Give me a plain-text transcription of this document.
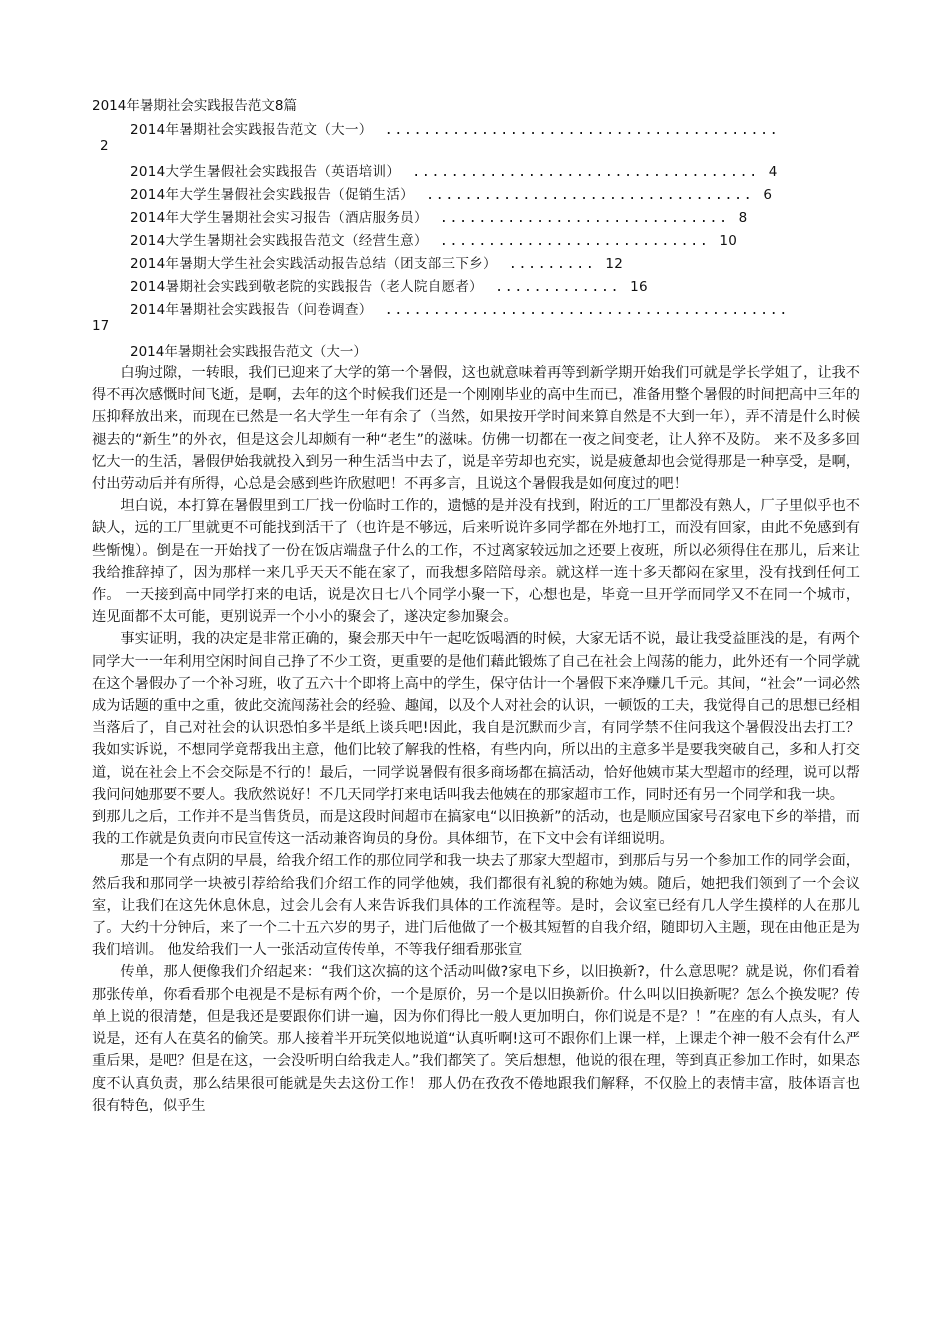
2014年暑期社会实践报告范文8篇
2014年暑期社会实践报告范文（大一） .........................................
2
2014大学生暑假社会实践报告（英语培训） .................................... 4
2014年大学生暑假社会实践报告（促销生活） .................................. 6
2014年大学生暑期社会实习报告（酒店服务员） .............................. 8
2014大学生暑期社会实践报告范文（经营生意） ............................ 10
2014年暑期大学生社会实践活动报告总结（团支部三下乡） ......... 12
2014暑期社会实践到敬老院的实践报告（老人院自愿者） ............. 16
2014年暑期社会实践报告（问卷调查） ..........................................
17
2014年暑期社会实践报告范文（大一）

白驹过隙，一转眼，我们已迎来了大学的第一个暑假，这也就意味着再等到新学期开始我们可就是学长学姐了，让我不得不再次感慨时间飞逝，是啊，去年的这个时候我们还是一个刚刚毕业的高中生而已，准备用整个暑假的时间把高中三年的压抑释放出来，而现在已然是一名大学生一年有余了（当然，如果按开学时间来算自然是不大到一年），弄不清是什么时候褪去的“新生”的外衣，但是这会儿却颇有一种“老生”的滋味。仿佛一切都在一夜之间变老，让人猝不及防。 来不及多多回忆大一的生活，暑假伊始我就投入到另一种生活当中去了，说是辛劳却也充实，说是疲惫却也会觉得那是一种享受，是啊，付出劳动后并有所得，心总是会感到些许欣慰吧！不再多言，且说这个暑假我是如何度过的吧！

坦白说，本打算在暑假里到工厂找一份临时工作的，遗憾的是并没有找到，附近的工厂里都没有熟人，厂子里似乎也不缺人，远的工厂里就更不可能找到活干了（也许是不够远，后来听说许多同学都在外地打工，而没有回家，由此不免感到有些惭愧）。倒是在一开始找了一份在饭店端盘子什么的工作，不过离家较远加之还要上夜班，所以必须得住在那儿，后来让我给推辞掉了，因为那样一来几乎天天不能在家了，而我想多陪陪母亲。就这样一连十多天都闷在家里，没有找到任何工作。 一天接到高中同学打来的电话，说是次日七八个同学小聚一下，心想也是，毕竟一旦开学而同学又不在同一个城市，连见面都不太可能，更别说弄一个小小的聚会了，遂决定参加聚会。

事实证明，我的决定是非常正确的，聚会那天中午一起吃饭喝酒的时候，大家无话不说，最让我受益匪浅的是，有两个同学大一一年利用空闲时间自己挣了不少工资，更重要的是他们藉此锻炼了自己在社会上闯荡的能力，此外还有一个同学就在这个暑假办了一个补习班，收了五六十个即将上高中的学生，保守估计一个暑假下来净赚几千元。其间，“社会”一词必然成为话题的重中之重，彼此交流闯荡社会的经验、趣闻，以及个人对社会的认识，一顿饭的工夫，我觉得自己的思想已经相当落后了，自己对社会的认识恐怕多半是纸上谈兵吧!因此，我自是沉默而少言，有同学禁不住问我这个暑假没出去打工？我如实诉说，不想同学竟帮我出主意，他们比较了解我的性格，有些内向，所以出的主意多半是要我突破自己，多和人打交道，说在社会上不会交际是不行的！最后，一同学说暑假有很多商场都在搞活动，恰好他姨市某大型超市的经理，说可以帮我问问她那要不要人。我欣然说好！不几天同学打来电话叫我去他姨在的那家超市工作，同时还有另一个同学和我一块。

到那儿之后，工作并不是当售货员，而是这段时间超市在搞家电“以旧换新”的活动，也是顺应国家号召家电下乡的举措，而我的工作就是负责向市民宣传这一活动兼咨询员的身份。具体细节，在下文中会有详细说明。

那是一个有点阴的早晨，给我介绍工作的那位同学和我一块去了那家大型超市，到那后与另一个参加工作的同学会面，然后我和那同学一块被引荐给给我们介绍工作的同学他姨，我们都很有礼貌的称她为姨。随后，她把我们领到了一个会议室，让我们在这先休息休息，过会儿会有人来告诉我们具体的工作流程等。是时，会议室已经有几人学生摸样的人在那儿了。大约十分钟后，来了一个二十五六岁的男子，进门后他做了一个极其短暂的自我介绍，随即切入主题，现在由他正是为我们培训。 他发给我们一人一张活动宣传传单，不等我仔细看那张宣

传单，那人便像我们介绍起来：“我们这次搞的这个活动叫做?家电下乡，以旧换新?，什么意思呢？就是说，你们看着那张传单，你看看那个电视是不是标有两个价，一个是原价，另一个是以旧换新价。什么叫以旧换新呢？怎么个换发呢？传单上说的很清楚，但是我还是要跟你们讲一遍，因为你们得比一般人更加明白，你们说是不是？！”在座的有人点头，有人说是，还有人在莫名的偷笑。那人接着半开玩笑似地说道“认真听啊!这可不跟你们上课一样，上课走个神一般不会有什么严重后果，是吧？但是在这，一会没听明白给我走人。”我们都笑了。笑后想想，他说的很在理，等到真正参加工作时，如果态度不认真负责，那么结果很可能就是失去这份工作！ 那人仍在孜孜不倦地跟我们解释，不仅脸上的表情丰富，肢体语言也很有特色，似乎生
